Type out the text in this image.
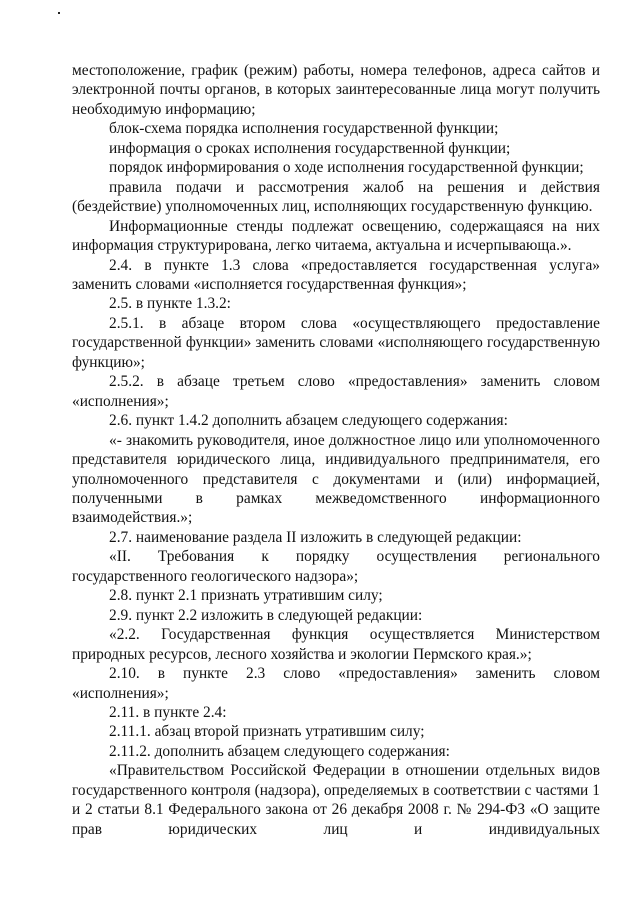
местоположение, график (режим) работы, номера телефонов, адреса сайтов и электронной почты органов, в которых заинтересованные лица могут получить необходимую информацию;

блок-схема порядка исполнения государственной функции;

информация о сроках исполнения государственной функции;

порядок информирования о ходе исполнения государственной функции;

правила подачи и рассмотрения жалоб на решения и действия (бездействие) уполномоченных лиц, исполняющих государственную функцию.

Информационные стенды подлежат освещению, содержащаяся на них информация структурирована, легко читаема, актуальна и исчерпывающа.».

2.4. в пункте 1.3 слова «предоставляется государственная услуга» заменить словами «исполняется государственная функция»;

2.5. в пункте 1.3.2:

2.5.1. в абзаце втором слова «осуществляющего предоставление государственной функции» заменить словами «исполняющего государственную функцию»;

2.5.2. в абзаце третьем слово «предоставления» заменить словом «исполнения»;

2.6. пункт 1.4.2 дополнить абзацем следующего содержания:

«- знакомить руководителя, иное должностное лицо или уполномоченного представителя юридического лица, индивидуального предпринимателя, его уполномоченного представителя с документами и (или) информацией, полученными в рамках межведомственного информационного взаимодействия.»;

2.7. наименование раздела II изложить в следующей редакции:

«II. Требования к порядку осуществления регионального государственного геологического надзора»;

2.8. пункт 2.1 признать утратившим силу;

2.9. пункт 2.2 изложить в следующей редакции:

«2.2. Государственная функция осуществляется Министерством природных ресурсов, лесного хозяйства и экологии Пермского края.»;

2.10. в пункте 2.3 слово «предоставления» заменить словом «исполнения»;

2.11. в пункте 2.4:

2.11.1. абзац второй признать утратившим силу;

2.11.2. дополнить абзацем следующего содержания:

«Правительством Российской Федерации в отношении отдельных видов государственного контроля (надзора), определяемых в соответствии с частями 1 и 2 статьи 8.1 Федерального закона от 26 декабря 2008 г. № 294-ФЗ «О защите прав юридических лиц и индивидуальных
